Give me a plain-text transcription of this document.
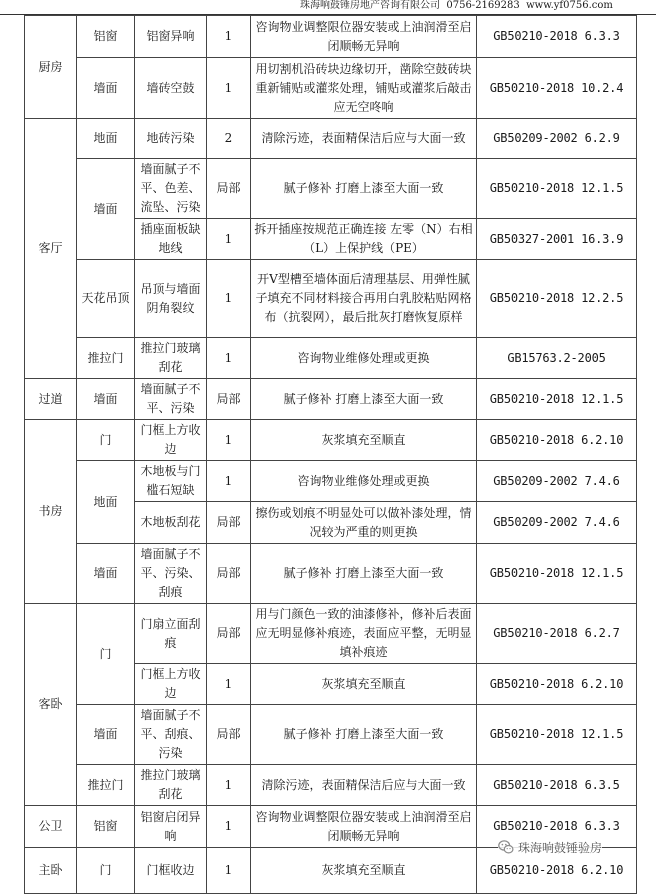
珠海响鼓锤房地产咨询有限公司 0756-2169283 www.yf0756.com
厨房	铝窗	铝窗异响	1	咨询物业调整限位器安装或上油润滑至启闭顺畅无异响	GB50210-2018 6.3.3
	墙面	墙砖空鼓	1	用切割机沿砖块边缘切开，凿除空鼓砖块重新铺贴或灌浆处理，铺贴或灌浆后敲击应无空咚响	GB50210-2018 10.2.4
客厅	地面	地砖污染	2	清除污迹，表面精保洁后应与大面一致	GB50209-2002 6.2.9
	墙面	墙面腻子不平、色差、流坠、污染	局部	腻子修补 打磨上漆至大面一致	GB50210-2018 12.1.5
		插座面板缺地线	1	拆开插座按规范正确连接 左零（N）右相（L）上保护线（PE）	GB50327-2001 16.3.9
	天花吊顶	吊顶与墙面阴角裂纹	1	开V型槽至墙体面后清理基层、用弹性腻子填充不同材料接合再用白乳胶粘贴网格布（抗裂网），最后批灰打磨恢复原样	GB50210-2018 12.2.5
	推拉门	推拉门玻璃刮花	1	咨询物业维修处理或更换	GB15763.2-2005
过道	墙面	墙面腻子不平、污染	局部	腻子修补 打磨上漆至大面一致	GB50210-2018 12.1.5
书房	门	门框上方收边	1	灰浆填充至顺直	GB50210-2018 6.2.10
	地面	木地板与门槛石短缺	1	咨询物业维修处理或更换	GB50209-2002 7.4.6
		木地板刮花	局部	擦伤或划痕不明显处可以做补漆处理，情况较为严重的则更换	GB50209-2002 7.4.6
	墙面	墙面腻子不平、污染、刮痕	局部	腻子修补 打磨上漆至大面一致	GB50210-2018 12.1.5
客卧	门	门扇立面刮痕	局部	用与门颜色一致的油漆修补，修补后表面应无明显修补痕迹，表面应平整，无明显填补痕迹	GB50210-2018 6.2.7
		门框上方收边	1	灰浆填充至顺直	GB50210-2018 6.2.10
	墙面	墙面腻子不平、刮痕、污染	局部	腻子修补 打磨上漆至大面一致	GB50210-2018 12.1.5
	推拉门	推拉门玻璃刮花	1	清除污迹，表面精保洁后应与大面一致	GB50210-2018 6.3.5
公卫	铝窗	铝窗启闭异响	1	咨询物业调整限位器安装或上油润滑至启闭顺畅无异响	GB50210-2018 6.3.3
主卧	门	门框收边	1	灰浆填充至顺直	GB50210-2018 6.2.10
珠海响鼓锤验房
